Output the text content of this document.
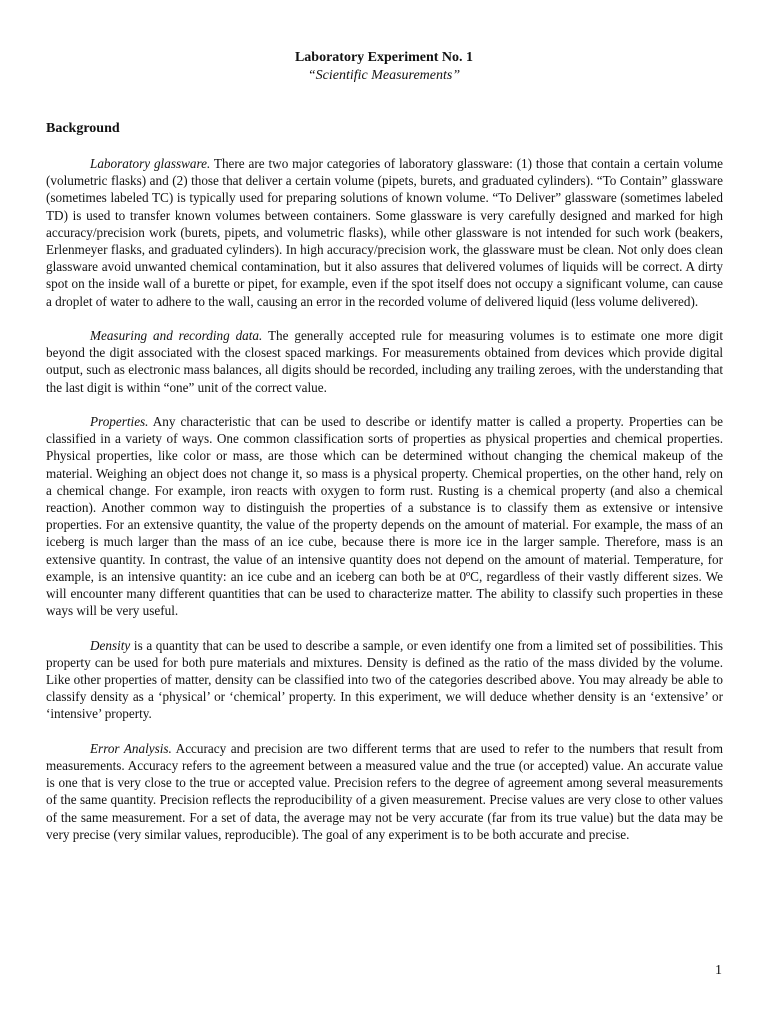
Laboratory Experiment No. 1
“Scientific Measurements”
Background

Laboratory glassware. There are two major categories of laboratory glassware: (1) those that contain a certain volume (volumetric flasks) and (2) those that deliver a certain volume (pipets, burets, and graduated cylinders). “To Contain” glassware (sometimes labeled TC) is typically used for preparing solutions of known volume. “To Deliver” glassware (sometimes labeled TD) is used to transfer known volumes between containers. Some glassware is very carefully designed and marked for high accuracy/precision work (burets, pipets, and volumetric flasks), while other glassware is not intended for such work (beakers, Erlenmeyer flasks, and graduated cylinders). In high accuracy/precision work, the glassware must be clean. Not only does clean glassware avoid unwanted chemical contamination, but it also assures that delivered volumes of liquids will be correct. A dirty spot on the inside wall of a burette or pipet, for example, even if the spot itself does not occupy a significant volume, can cause a droplet of water to adhere to the wall, causing an error in the recorded volume of delivered liquid (less volume delivered).

Measuring and recording data. The generally accepted rule for measuring volumes is to estimate one more digit beyond the digit associated with the closest spaced markings. For measurements obtained from devices which provide digital output, such as electronic mass balances, all digits should be recorded, including any trailing zeroes, with the understanding that the last digit is within “one” unit of the correct value.

Properties. Any characteristic that can be used to describe or identify matter is called a property. Properties can be classified in a variety of ways. One common classification sorts of properties as physical properties and chemical properties. Physical properties, like color or mass, are those which can be determined without changing the chemical makeup of the material. Weighing an object does not change it, so mass is a physical property. Chemical properties, on the other hand, rely on a chemical change. For example, iron reacts with oxygen to form rust. Rusting is a chemical property (and also a chemical reaction). Another common way to distinguish the properties of a substance is to classify them as extensive or intensive properties. For an extensive quantity, the value of the property depends on the amount of material. For example, the mass of an iceberg is much larger than the mass of an ice cube, because there is more ice in the larger sample. Therefore, mass is an extensive quantity. In contrast, the value of an intensive quantity does not depend on the amount of material. Temperature, for example, is an intensive quantity: an ice cube and an iceberg can both be at 0ºC, regardless of their vastly different sizes. We will encounter many different quantities that can be used to characterize matter. The ability to classify such properties in these ways will be very useful.

Density is a quantity that can be used to describe a sample, or even identify one from a limited set of possibilities. This property can be used for both pure materials and mixtures. Density is defined as the ratio of the mass divided by the volume. Like other properties of matter, density can be classified into two of the categories described above. You may already be able to classify density as a ‘physical’ or ‘chemical’ property. In this experiment, we will deduce whether density is an ‘extensive’ or ‘intensive’ property.

Error Analysis. Accuracy and precision are two different terms that are used to refer to the numbers that result from measurements. Accuracy refers to the agreement between a measured value and the true (or accepted) value. An accurate value is one that is very close to the true or accepted value. Precision refers to the degree of agreement among several measurements of the same quantity. Precision reflects the reproducibility of a given measurement. Precise values are very close to other values of the same measurement. For a set of data, the average may not be very accurate (far from its true value) but the data may be very precise (very similar values, reproducible). The goal of any experiment is to be both accurate and precise.

1
